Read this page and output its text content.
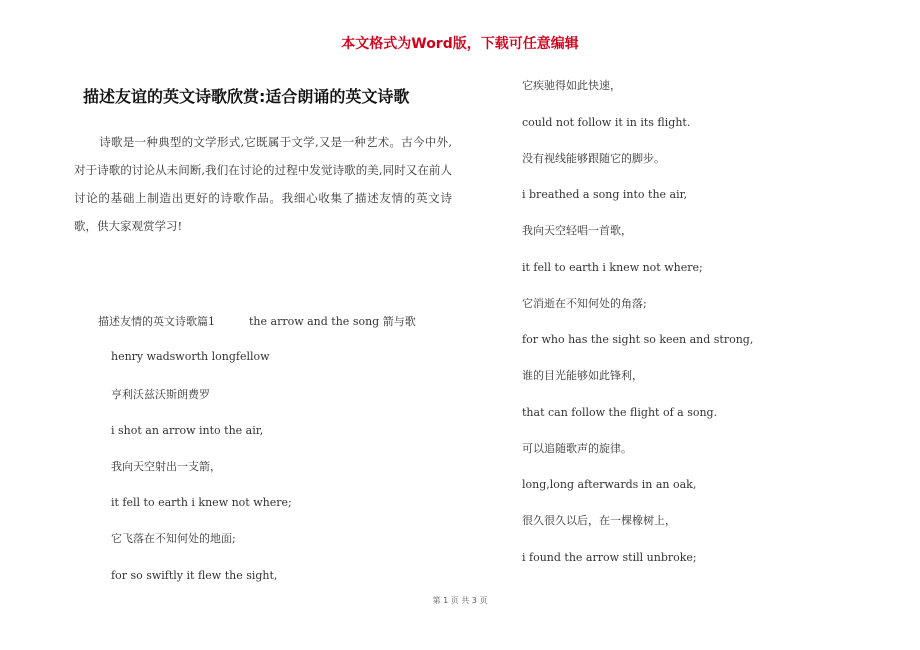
本文格式为Word版，下载可任意编辑
描述友谊的英文诗歌欣赏:适合朗诵的英文诗歌

诗歌是一种典型的文学形式,它既属于文学,又是一种艺术。古今中外,对于诗歌的讨论从未间断,我们在讨论的过程中发觉诗歌的美,同时又在前人讨论的基础上制造出更好的诗歌作品。我细心收集了描述友情的英文诗歌，供大家观赏学习!

描述友情的英文诗歌篇1	the arrow and the song 箭与歌
henry wadsworth longfellow
亨利沃兹沃斯朗费罗
i shot an arrow into the air,
我向天空射出一支箭，
it fell to earth i knew not where;
它飞落在不知何处的地面;
for so swiftly it flew the sight,
它疾驰得如此快速，
could not follow it in its flight.
没有视线能够跟随它的脚步。
i breathed a song into the air,
我向天空轻唱一首歌，
it fell to earth i knew not where;
它消逝在不知何处的角落;
for who has the sight so keen and strong,
谁的目光能够如此锋利，
that can follow the flight of a song.
可以追随歌声的旋律。
long,long afterwards in an oak,
很久很久以后，在一棵橡树上，
i found the arrow still unbroke;
第 1 页 共 3 页
